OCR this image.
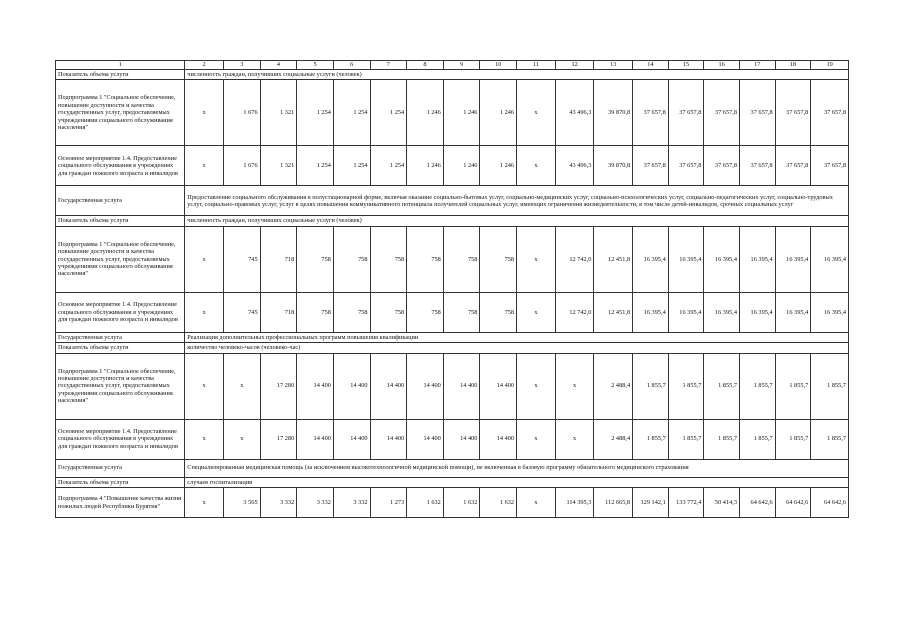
1	2	3	4	5	6	7	8	9	10	11	12	13	14	15	16	17	18	19
Показатель объема услуги	численность граждан, получивших социальные услуги (человек)																	
Подпрограмма 1 "Социальное обеспечение, повышение доступности и качества государственных услуг, предоставляемых учреждениями социального обслуживания населения"	x	1 676	1 321	1 254	1 254	1 254	1 246	1 246	1 246	x	43 496,3	39 870,8	37 657,8	37 657,8	37 657,8	37 657,8	37 657,8	37 657,8
Основное мероприятие 1.4. Предоставление социального обслуживания в учреждениях для граждан пожилого возраста и инвалидов	x	1 676	1 321	1 254	1 254	1 254	1 246	1 246	1 246	x	43 496,3	39 870,8	37 657,8	37 657,8	37 657,8	37 657,8	37 657,8	37 657,8
Государственная услуга	Предоставление социального обслуживания в полустационарной форме, включая оказание социально-бытовых услуг, социально-медицинских услуг, социально-психологических услуг, социально-педагогических услуг, социально-трудовых услуг, социально-правовых услуг, услуг в целях повышения коммуникативного потенциала получателей социальных услуг, имеющих ограничения жизнедеятельности, в том числе детей-инвалидов, срочных социальных услуг																	
Показатель объема услуги	численность граждан, получивших социальные услуги (человек)																	
Подпрограмма 1 "Социальное обеспечение, повышение доступности и качества государственных услуг, предоставляемых учреждениями социального обслуживания населения"	x	745	718	758	758	758	758	758	758	x	12 742,0	12 451,8	16 395,4	16 395,4	16 395,4	16 395,4	16 395,4	16 395,4
Основное мероприятие 1.4. Предоставление социального обслуживания в учреждениях для граждан пожилого возраста и инвалидов	x	745	718	758	758	758	758	758	758	x	12 742,0	12 451,8	16 395,4	16 395,4	16 395,4	16 395,4	16 395,4	16 395,4
Государственная услуга	Реализация дополнительных профессиональных программ повышения квалификации																	
Показатель объема услуги	количество человеко-часов (человеко-час)																	
Подпрограмма 1 "Социальное обеспечение, повышение доступности и качества государственных услуг, предоставляемых учреждениями социального обслуживания населения"	x	x	17 280	14 400	14 400	14 400	14 400	14 400	14 400	x	x	2 488,4	1 855,7	1 855,7	1 855,7	1 855,7	1 855,7	1 855,7
Основное мероприятие 1.4. Предоставление социального обслуживания в учреждениях для граждан пожилого возраста и инвалидов	x	x	17 280	14 400	14 400	14 400	14 400	14 400	14 400	x	x	2 488,4	1 855,7	1 855,7	1 855,7	1 855,7	1 855,7	1 855,7
Государственная услуга	Специализированная медицинская помощь (за исключением высокотехнологичной медицинской помощи), не включенная в базовую программу обязательного медицинского страхования																	
Показатель объема услуги	случаев госпитализации																	
Подпрограмма 4 "Повышение качества жизни пожилых людей Республики Бурятия"	x	3 565	3 332	3 332	3 332	1 273	1 632	1 632	1 632	x	114 395,3	112 665,8	129 142,1	133 772,4	50 414,3	64 642,6	64 642,6	64 642,6
